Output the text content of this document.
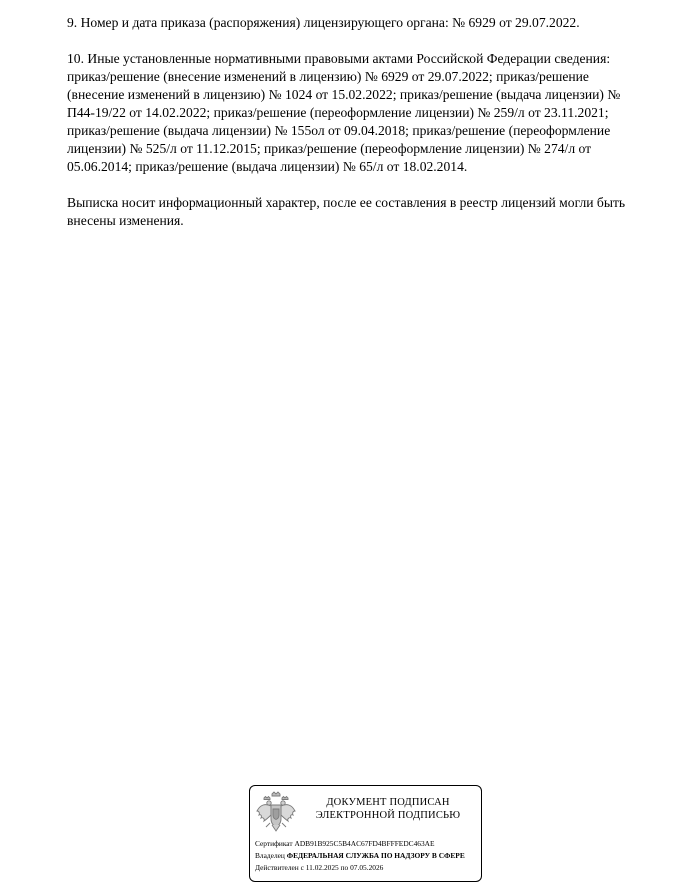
9. Номер и дата приказа (распоряжения) лицензирующего органа: № 6929 от 29.07.2022.

10. Иные установленные нормативными правовыми актами Российской Федерации сведения:
приказ/решение (внесение изменений в лицензию) № 6929 от 29.07.2022; приказ/решение
(внесение изменений в лицензию) № 1024 от 15.02.2022; приказ/решение (выдача лицензии) №
П44-19/22 от 14.02.2022; приказ/решение (переоформление лицензии) № 259/л от 23.11.2021;
приказ/решение (выдача лицензии) № 155ол от 09.04.2018; приказ/решение (переоформление
лицензии) № 525/л от 11.12.2015; приказ/решение (переоформление лицензии) № 274/л от
05.06.2014; приказ/решение (выдача лицензии) № 65/л от 18.02.2014.

Выписка носит информационный характер, после ее составления в реестр лицензий могли быть
внесены изменения.

ДОКУМЕНТ ПОДПИСАН
ЭЛЕКТРОННОЙ ПОДПИСЬЮ
Сертификат ADB91B925C5B4AC67FD4BFFFEDC463AE
Владелец ФЕДЕРАЛЬНАЯ СЛУЖБА ПО НАДЗОРУ В СФЕРЕ
Действителен с 11.02.2025 по 07.05.2026
